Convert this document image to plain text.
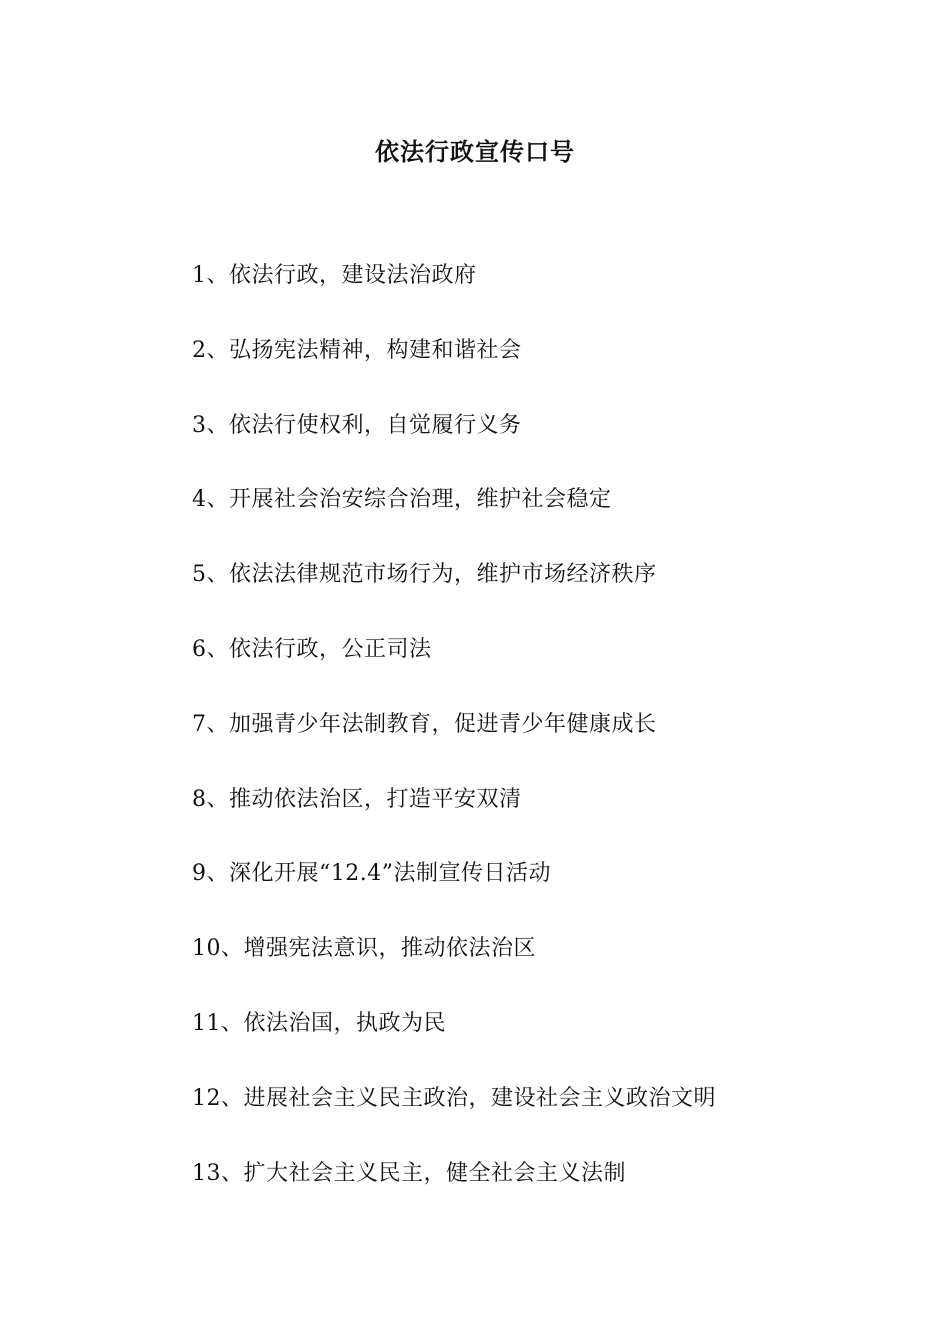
依法行政宣传口号
1、依法行政，建设法治政府
2、弘扬宪法精神，构建和谐社会
3、依法行使权利，自觉履行义务
4、开展社会治安综合治理，维护社会稳定
5、依法法律规范市场行为，维护市场经济秩序
6、依法行政，公正司法
7、加强青少年法制教育，促进青少年健康成长
8、推动依法治区，打造平安双清
9、深化开展“12.4”法制宣传日活动
10、增强宪法意识，推动依法治区
11、依法治国，执政为民
12、进展社会主义民主政治，建设社会主义政治文明
13、扩大社会主义民主，健全社会主义法制
